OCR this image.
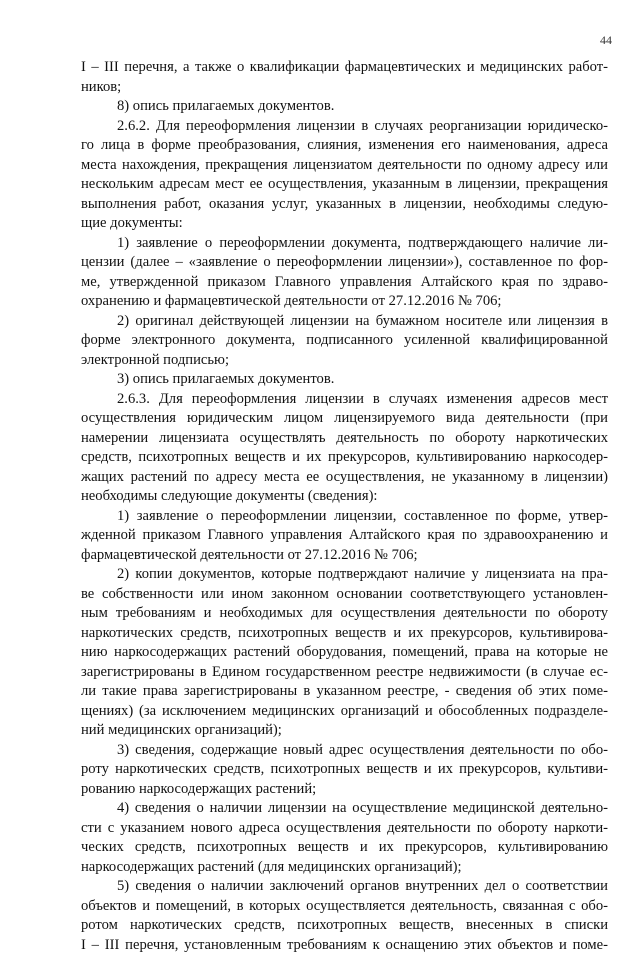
44

I – III перечня, а также о квалификации фармацевтических и медицинских работ-

ников;

8) опись прилагаемых документов.

2.6.2. Для переоформления лицензии в случаях реорганизации юридическо-

го лица в форме преобразования, слияния, изменения его наименования, адреса

места нахождения, прекращения лицензиатом деятельности по одному адресу или

нескольким адресам мест ее осуществления, указанным в лицензии, прекращения

выполнения работ, оказания услуг, указанных в лицензии, необходимы следую-

щие документы:

1) заявление о переоформлении документа, подтверждающего наличие ли-

цензии (далее – «заявление о переоформлении лицензии»), составленное по фор-

ме, утвержденной приказом Главного управления Алтайского края по здраво-

охранению и фармацевтической деятельности от 27.12.2016 № 706;

2) оригинал действующей лицензии на бумажном носителе или лицензия в

форме электронного документа, подписанного усиленной квалифицированной

электронной подписью;

3) опись прилагаемых документов.

2.6.3. Для переоформления лицензии в случаях изменения адресов мест

осуществления юридическим лицом лицензируемого вида деятельности (при

намерении лицензиата осуществлять деятельность по обороту наркотических

средств, психотропных веществ и их прекурсоров, культивированию наркосодер-

жащих растений по адресу места ее осуществления, не указанному в лицензии)

необходимы следующие документы (сведения):

1) заявление о переоформлении лицензии, составленное по форме, утвер-

жденной приказом Главного управления Алтайского края по здравоохранению и

фармацевтической деятельности от 27.12.2016 № 706;

2) копии документов, которые подтверждают наличие у лицензиата на пра-

ве собственности или ином законном основании соответствующего установлен-

ным требованиям и необходимых для осуществления деятельности по обороту

наркотических средств, психотропных веществ и их прекурсоров, культивирова-

нию наркосодержащих растений оборудования, помещений, права на которые не

зарегистрированы в Едином государственном реестре недвижимости (в случае ес-

ли такие права зарегистрированы в указанном реестре, - сведения об этих поме-

щениях) (за исключением медицинских организаций и обособленных подразделе-

ний медицинских организаций);

3) сведения, содержащие новый адрес осуществления деятельности по обо-

роту наркотических средств, психотропных веществ и их прекурсоров, культиви-

рованию наркосодержащих растений;

4) сведения о наличии лицензии на осуществление медицинской деятельно-

сти с указанием нового адреса осуществления деятельности по обороту наркоти-

ческих средств, психотропных веществ и их прекурсоров, культивированию

наркосодержащих растений (для медицинских организаций);

5) сведения о наличии заключений органов внутренних дел о соответствии

объектов и помещений, в которых осуществляется деятельность, связанная с обо-

ротом наркотических средств, психотропных веществ, внесенных в списки

I – III перечня, установленным требованиям к оснащению этих объектов и поме-
